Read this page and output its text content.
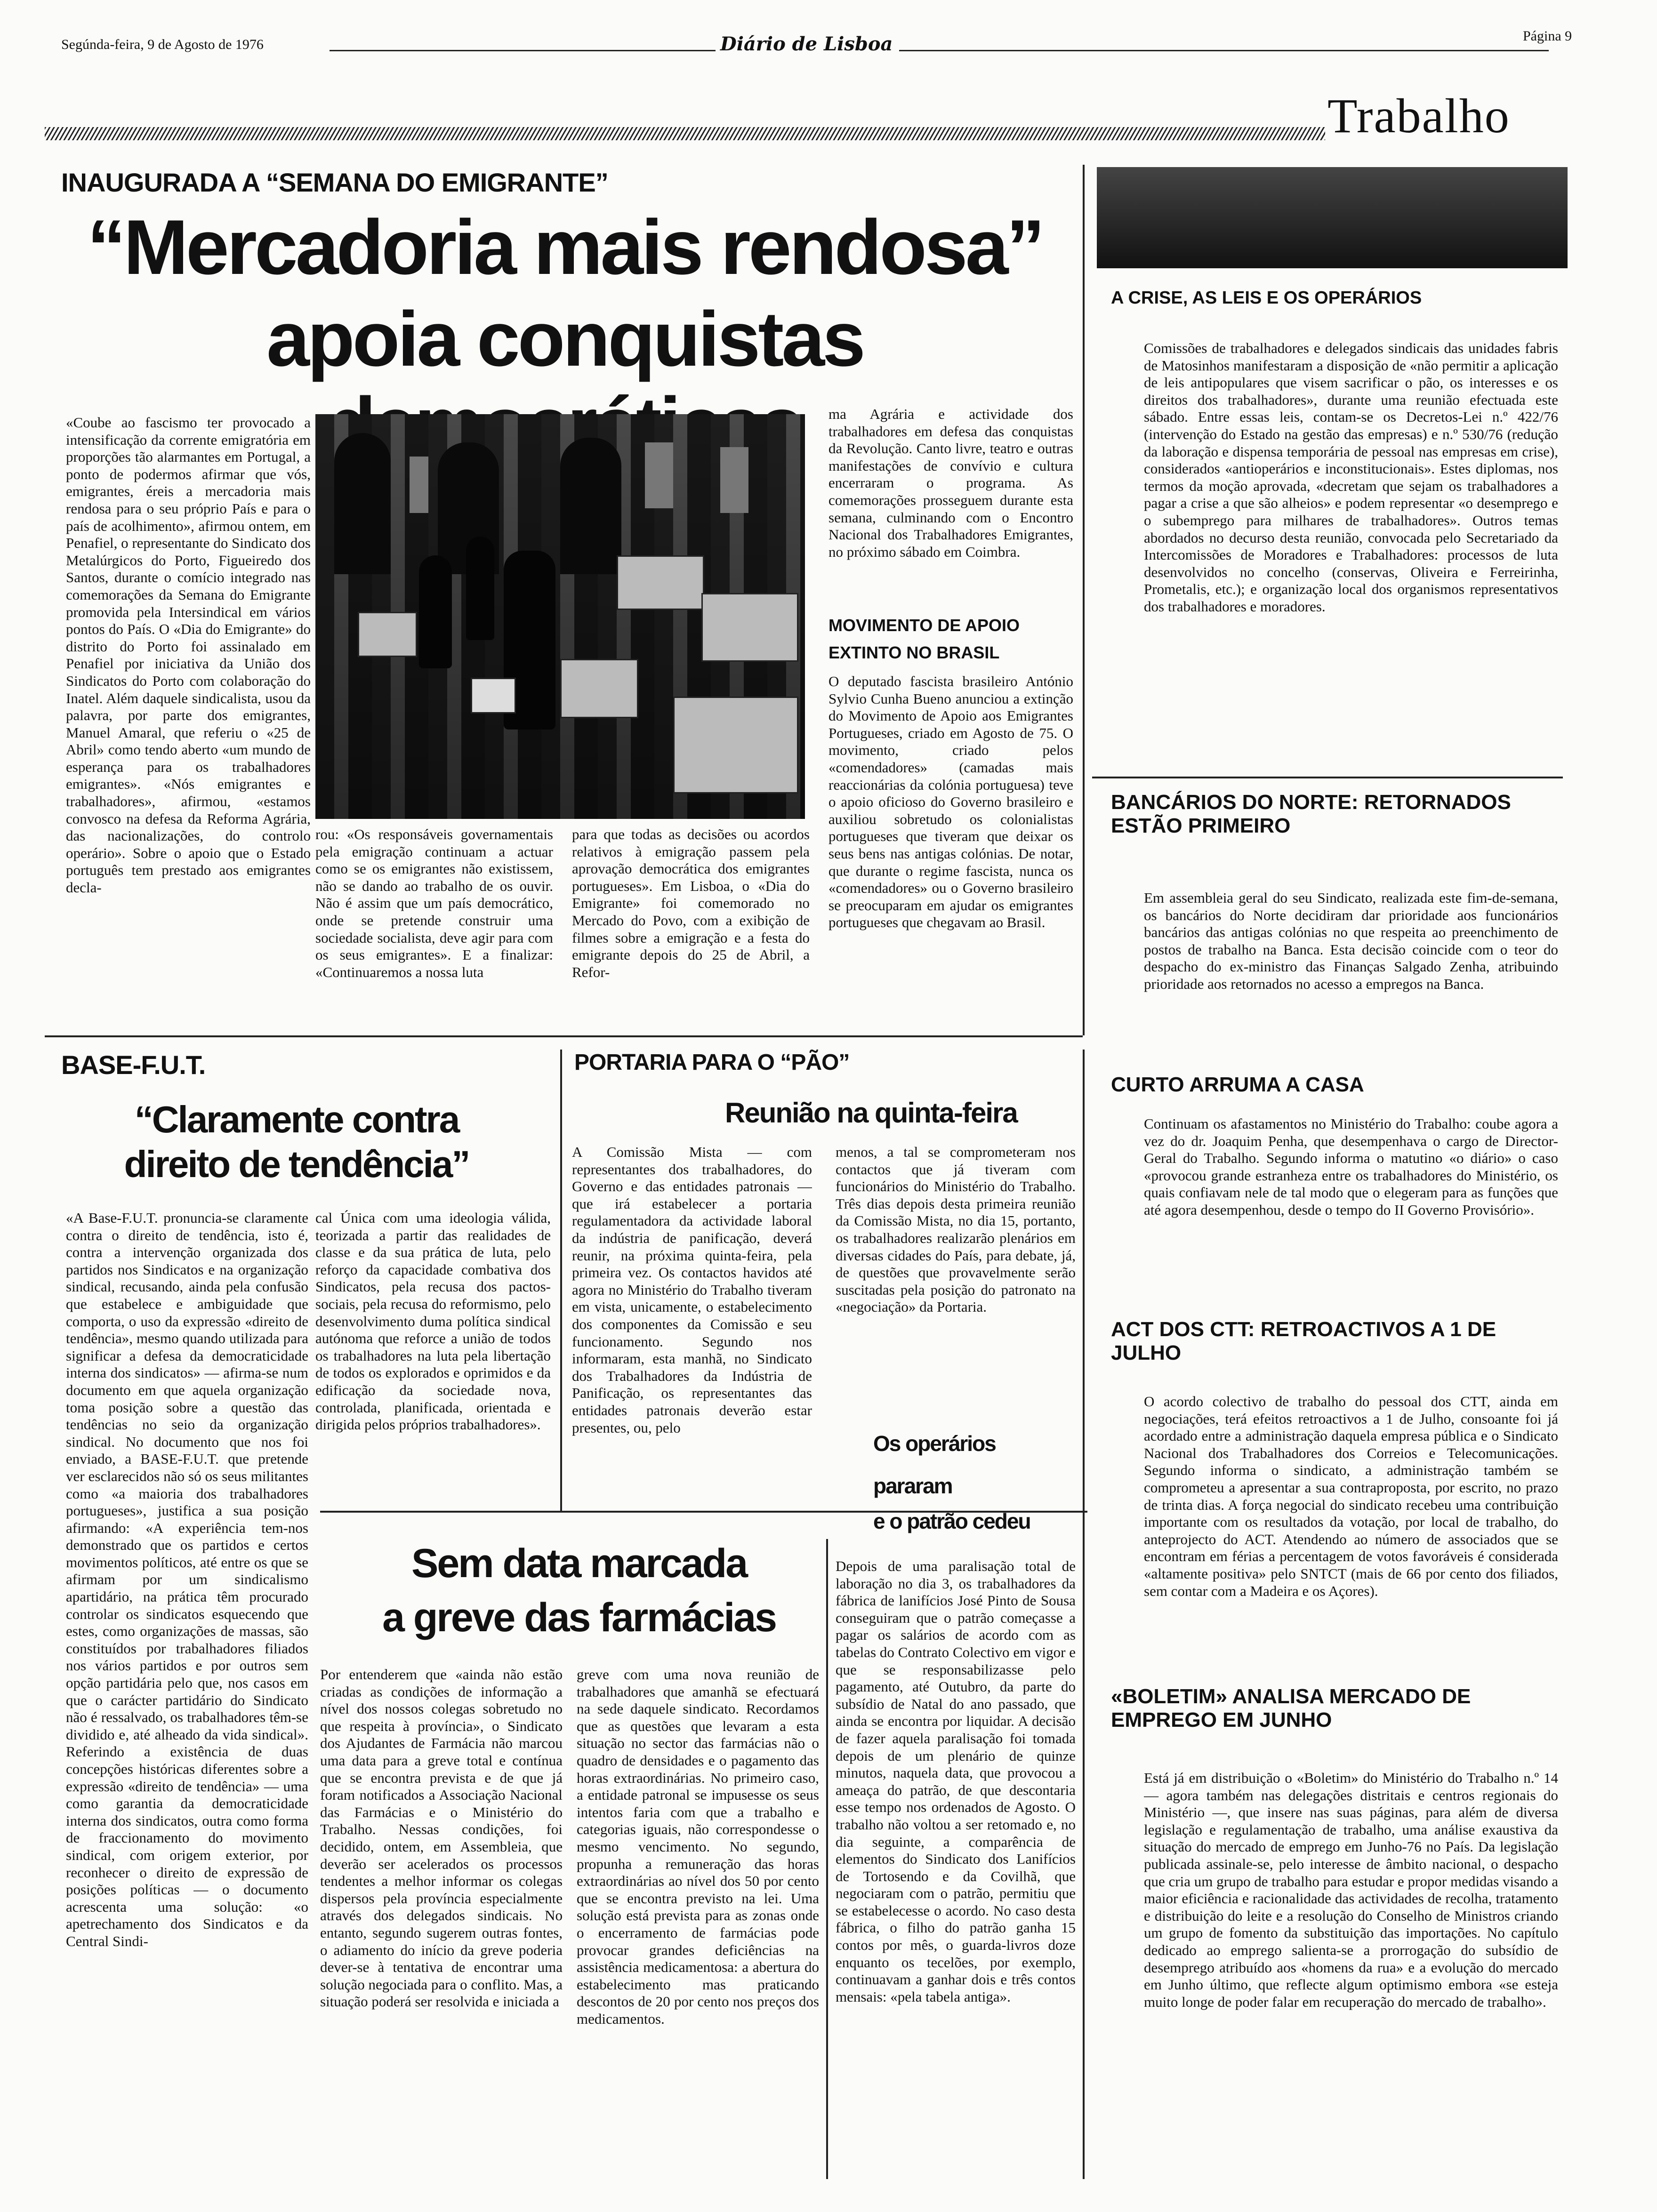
Segúnda-feira, 9 de Agosto de 1976	Diário de Lisboa	Página 9
Trabalho
INAUGURADA A “SEMANA DO EMIGRANTE”
“Mercadoria mais rendosa”
apoia conquistas

«Coube ao fascismo ter provocado a intensificação da corrente emigratória em proporções tão alarmantes em Portugal, a ponto de podermos afirmar que vós, emigrantes, éreis a mercadoria mais rendosa para o seu próprio País e para o país de acolhimento», afirmou ontem, em Penafiel, o representante do Sindicato dos Metalúrgicos do Porto, Figueiredo dos Santos, durante o comício integrado nas comemorações da Semana do Emigrante promovida pela Intersindical em vários pontos do País. O «Dia do Emigrante» do distrito do Porto foi assinalado em Penafiel por iniciativa da União dos Sindicatos do Porto com colaboração do Inatel. Além daquele sindicalista, usou da palavra, por parte dos emigrantes, Manuel Amaral, que referiu o «25 de Abril» como tendo aberto «um mundo de esperança para os trabalhadores emigrantes». «Nós emigrantes e trabalhadores», afirmou, «estamos convosco na defesa da Reforma Agrária, das nacionalizações, do controlo operário». Sobre o apoio que o Estado português tem prestado aos emigrantes decla-

rou: «Os responsáveis governamentais pela emigração continuam a actuar como se os emigrantes não existissem, não se dando ao trabalho de os ouvir. Não é assim que um país democrático, onde se pretende construir uma sociedade socialista, deve agir para com os seus emigrantes». E a finalizar: «Continuaremos a nossa luta

para que todas as decisões ou acordos relativos à emigração passem pela aprovação democrática dos emigrantes portugueses». Em Lisboa, o «Dia do Emigrante» foi comemorado no Mercado do Povo, com a exibição de filmes sobre a emigração e a festa do emigrante depois do 25 de Abril, a Refor-

ma Agrária e actividade dos trabalhadores em defesa das conquistas da Revolução. Canto livre, teatro e outras manifestações de convívio e cultura encerraram o programa. As comemorações prosseguem durante esta semana, culminando com o Encontro Nacional dos Trabalhadores Emigrantes, no próximo sábado em Coimbra.

MOVIMENTO DE APOIO EXTINTO NO BRASIL

O deputado fascista brasileiro António Sylvio Cunha Bueno anunciou a extinção do Movimento de Apoio aos Emigrantes Portugueses, criado em Agosto de 75. O movimento, criado pelos «comendadores» (camadas mais reaccionárias da colónia portuguesa) teve o apoio oficioso do Governo brasileiro e auxiliou sobretudo os colonialistas portugueses que tiveram que deixar os seus bens nas antigas colónias. De notar, que durante o regime fascista, nunca os «comendadores» ou o Governo brasileiro se preocuparam em ajudar os emigrantes portugueses que chegavam ao Brasil.

A CRISE, AS LEIS E OS OPERÁRIOS

Comissões de trabalhadores e delegados sindicais das unidades fabris de Matosinhos manifestaram a disposição de «não permitir a aplicação de leis antipopulares que visem sacrificar o pão, os interesses e os direitos dos trabalhadores», durante uma reunião efectuada este sábado. Entre essas leis, contam-se os Decretos-Lei n.º 422/76 (intervenção do Estado na gestão das empresas) e n.º 530/76 (redução da laboração e dispensa temporária de pessoal nas empresas em crise), considerados «antioperários e inconstitucionais». Estes diplomas, nos termos da moção aprovada, «decretam que sejam os trabalhadores a pagar a crise a que são alheios» e podem representar «o desemprego e o subemprego para milhares de trabalhadores». Outros temas abordados no decurso desta reunião, convocada pelo Secretariado da Intercomissões de Moradores e Trabalhadores: processos de luta desenvolvidos no concelho (conservas, Oliveira e Ferreirinha, Prometalis, etc.); e organização local dos organismos representativos dos trabalhadores e moradores.

BANCÁRIOS DO NORTE: RETORNADOS ESTÃO PRIMEIRO

Em assembleia geral do seu Sindicato, realizada este fim-de-semana, os bancários do Norte decidiram dar prioridade aos funcionários bancários das antigas colónias no que respeita ao preenchimento de postos de trabalho na Banca. Esta decisão coincide com o teor do despacho do ex-ministro das Finanças Salgado Zenha, atribuindo prioridade aos retornados no acesso a empregos na Banca.

CURTO ARRUMA A CASA

Continuam os afastamentos no Ministério do Trabalho: coube agora a vez do dr. Joaquim Penha, que desempenhava o cargo de Director-Geral do Trabalho. Segundo informa o matutino «o diário» o caso «provocou grande estranheza entre os trabalhadores do Ministério, os quais confiavam nele de tal modo que o elegeram para as funções que até agora desempenhou, desde o tempo do II Governo Provisório».

ACT DOS CTT: RETROACTIVOS A 1 DE JULHO

O acordo colectivo de trabalho do pessoal dos CTT, ainda em negociações, terá efeitos retroactivos a 1 de Julho, consoante foi já acordado entre a administração daquela empresa pública e o Sindicato Nacional dos Trabalhadores dos Correios e Telecomunicações. Segundo informa o sindicato, a administração também se comprometeu a apresentar a sua contraproposta, por escrito, no prazo de trinta dias. A força negocial do sindicato recebeu uma contribuição importante com os resultados da votação, por local de trabalho, do anteprojecto do ACT. Atendendo ao número de associados que se encontram em férias a percentagem de votos favoráveis é considerada «altamente positiva» pelo SNTCT (mais de 66 por cento dos filiados, sem contar com a Madeira e os Açores).

«BOLETIM» ANALISA MERCADO DE EMPREGO EM JUNHO

Está já em distribuição o «Boletim» do Ministério do Trabalho n.º 14 — agora também nas delegações distritais e centros regionais do Ministério —, que insere nas suas páginas, para além de diversa legislação e regulamentação de trabalho, uma análise exaustiva da situação do mercado de emprego em Junho-76 no País. Da legislação publicada assinale-se, pelo interesse de âmbito nacional, o despacho que cria um grupo de trabalho para estudar e propor medidas visando a maior eficiência e racionalidade das actividades de recolha, tratamento e distribuição do leite e a resolução do Conselho de Ministros criando um grupo de fomento da substituição das importações. No capítulo dedicado ao emprego salienta-se a prorrogação do subsídio de desemprego atribuído aos «homens da rua» e a evolução do mercado em Junho último, que reflecte algum optimismo embora «se esteja muito longe de poder falar em recuperação do mercado de trabalho».

BASE-F.U.T.
“Claramente contra
direito de tendência”

«A Base-F.U.T. pronuncia-se claramente contra o direito de tendência, isto é, contra a intervenção organizada dos partidos nos Sindicatos e na organização sindical, recusando, ainda pela confusão que estabelece e ambiguidade que comporta, o uso da expressão «direito de tendência», mesmo quando utilizada para significar a defesa da democraticidade interna dos sindicatos» — afirma-se num documento em que aquela organização toma posição sobre a questão das tendências no seio da organização sindical. No documento que nos foi enviado, a BASE-F.U.T. que pretende ver esclarecidos não só os seus militantes como «a maioria dos trabalhadores portugueses», justifica a sua posição afirmando: «A experiência tem-nos demonstrado que os partidos e certos movimentos políticos, até entre os que se afirmam por um sindicalismo apartidário, na prática têm procurado controlar os sindicatos esquecendo que estes, como organizações de massas, são constituídos por trabalhadores filiados nos vários partidos e por outros sem opção partidária pelo que, nos casos em que o carácter partidário do Sindicato não é ressalvado, os trabalhadores têm-se dividido e, até alheado da vida sindical». Referindo a existência de duas concepções históricas diferentes sobre a expressão «direito de tendência» — uma como garantia da democraticidade interna dos sindicatos, outra como forma de fraccionamento do movimento sindical, com origem exterior, por reconhecer o direito de expressão de posições políticas — o documento acrescenta uma solução: «o apetrechamento dos Sindicatos e da Central Sindi-

cal Única com uma ideologia válida, teorizada a partir das realidades de classe e da sua prática de luta, pelo reforço da capacidade combativa dos Sindicatos, pela recusa dos pactos-sociais, pela recusa do reformismo, pelo desenvolvimento duma política sindical autónoma que reforce a união de todos os trabalhadores na luta pela libertação de todos os explorados e oprimidos e da edificação da sociedade nova, controlada, planificada, orientada e dirigida pelos próprios trabalhadores».

PORTARIA PARA O “PÃO”
Reunião na quinta-feira

A Comissão Mista — com representantes dos trabalhadores, do Governo e das entidades patronais — que irá estabelecer a portaria regulamentadora da actividade laboral da indústria de panificação, deverá reunir, na próxima quinta-feira, pela primeira vez. Os contactos havidos até agora no Ministério do Trabalho tiveram em vista, unicamente, o estabelecimento dos componentes da Comissão e seu funcionamento. Segundo nos informaram, esta manhã, no Sindicato dos Trabalhadores da Indústria de Panificação, os representantes das entidades patronais deverão estar presentes, ou, pelo

menos, a tal se comprometeram nos contactos que já tiveram com funcionários do Ministério do Trabalho. Três dias depois desta primeira reunião da Comissão Mista, no dia 15, portanto, os trabalhadores realizarão plenários em diversas cidades do País, para debate, já, de questões que provavelmente serão suscitadas pela posição do patronato na «negociação» da Portaria.

Os operários
pararam
e o patrão cedeu

Depois de uma paralisação total de laboração no dia 3, os trabalhadores da fábrica de lanifícios José Pinto de Sousa conseguiram que o patrão começasse a pagar os salários de acordo com as tabelas do Contrato Colectivo em vigor e que se responsabilizasse pelo pagamento, até Outubro, da parte do subsídio de Natal do ano passado, que ainda se encontra por liquidar. A decisão de fazer aquela paralisação foi tomada depois de um plenário de quinze minutos, naquela data, que provocou a ameaça do patrão, de que descontaria esse tempo nos ordenados de Agosto. O trabalho não voltou a ser retomado e, no dia seguinte, a comparência de elementos do Sindicato dos Lanifícios de Tortosendo e da Covilhã, que negociaram com o patrão, permitiu que se estabelecesse o acordo. No caso desta fábrica, o filho do patrão ganha 15 contos por mês, o guarda-livros doze enquanto os tecelões, por exemplo, continuavam a ganhar dois e três contos mensais: «pela tabela antiga».

Sem data marcada
a greve das farmácias

Por entenderem que «ainda não estão criadas as condições de informação a nível dos nossos colegas sobretudo no que respeita à província», o Sindicato dos Ajudantes de Farmácia não marcou uma data para a greve total e contínua que se encontra prevista e de que já foram notificados a Associação Nacional das Farmácias e o Ministério do Trabalho. Nessas condições, foi decidido, ontem, em Assembleia, que deverão ser acelerados os processos tendentes a melhor informar os colegas dispersos pela província especialmente através dos delegados sindicais. No entanto, segundo sugerem outras fontes, o adiamento do início da greve poderia dever-se à tentativa de encontrar uma solução negociada para o conflito. Mas, a situação poderá ser resolvida e iniciada a

greve com uma nova reunião de trabalhadores que amanhã se efectuará na sede daquele sindicato. Recordamos que as questões que levaram a esta situação no sector das farmácias não o quadro de densidades e o pagamento das horas extraordinárias. No primeiro caso, a entidade patronal se impusesse os seus intentos faria com que a trabalho e categorias iguais, não correspondesse o mesmo vencimento. No segundo, propunha a remuneração das horas extraordinárias ao nível dos 50 por cento que se encontra previsto na lei. Uma solução está prevista para as zonas onde o encerramento de farmácias pode provocar grandes deficiências na assistência medicamentosa: a abertura do estabelecimento mas praticando descontos de 20 por cento nos preços dos medicamentos.
